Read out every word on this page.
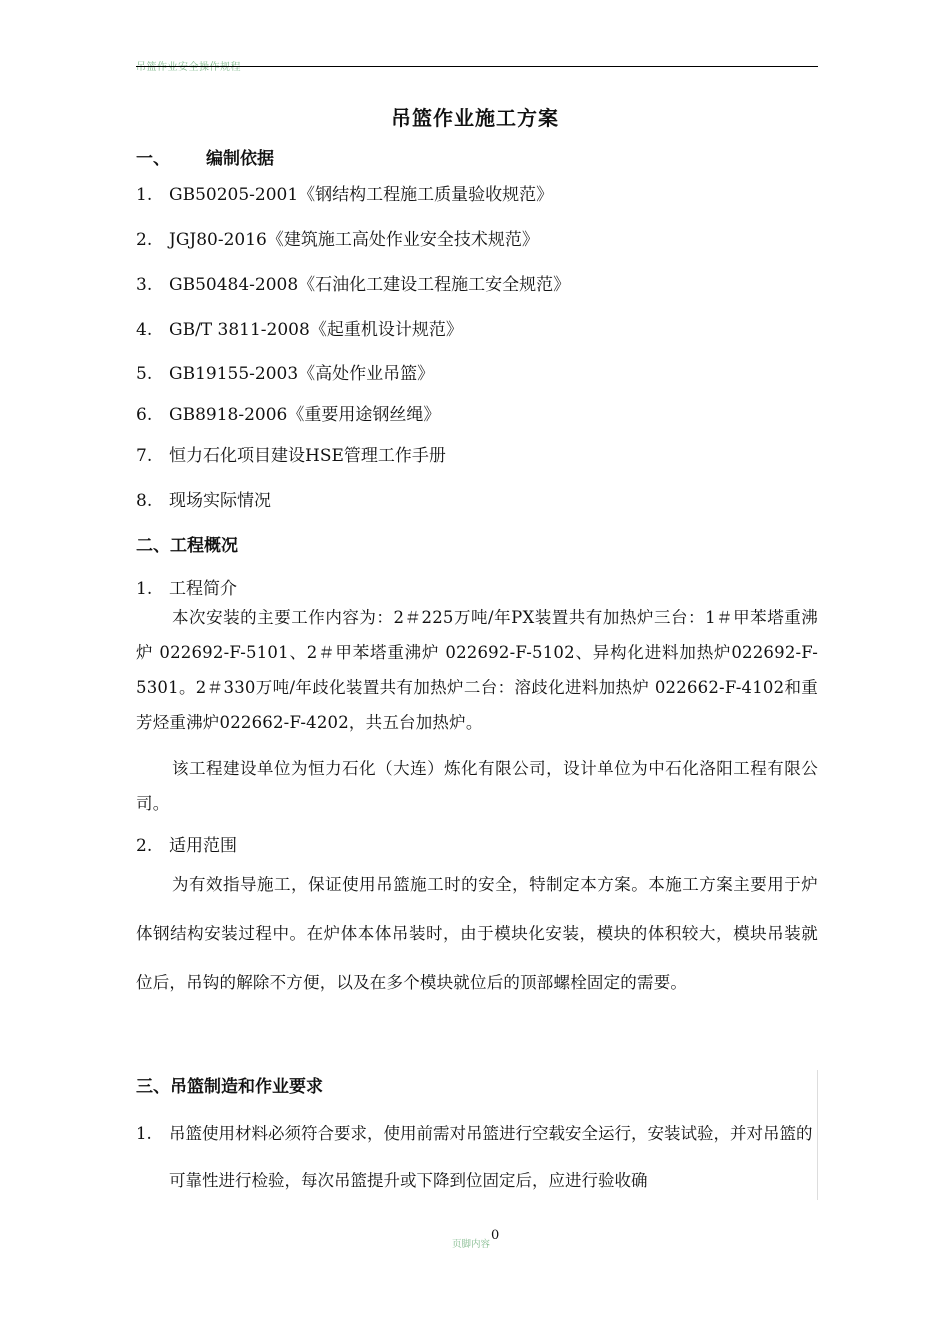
吊篮作业安全操作规程
吊篮作业施工方案
一、 编制依据
1. GB50205-2001《钢结构工程施工质量验收规范》
2. JGJ80-2016《建筑施工高处作业安全技术规范》
3. GB50484-2008《石油化工建设工程施工安全规范》
4. GB/T 3811-2008《起重机设计规范》
5. GB19155-2003《高处作业吊篮》
6. GB8918-2006《重要用途钢丝绳》
7. 恒力石化项目建设HSE管理工作手册
8. 现场实际情况
二、工程概况
1. 工程简介
本次安装的主要工作内容为：2＃225万吨/年PX装置共有加热炉三台：1＃甲苯塔重沸炉 022692-F-5101、2＃甲苯塔重沸炉 022692-F-5102、异构化进料加热炉022692-F-5301。2＃330万吨/年歧化装置共有加热炉二台：溶歧化进料加热炉 022662-F-4102和重芳烃重沸炉022662-F-4202，共五台加热炉。
该工程建设单位为恒力石化（大连）炼化有限公司，设计单位为中石化洛阳工程有限公司。
2. 适用范围
为有效指导施工，保证使用吊篮施工时的安全，特制定本方案。本施工方案主要用于炉体钢结构安装过程中。在炉体本体吊装时，由于模块化安装，模块的体积较大，模块吊装就位后，吊钩的解除不方便，以及在多个模块就位后的顶部螺栓固定的需要。
三、吊篮制造和作业要求
1.	吊篮使用材料必须符合要求，使用前需对吊篮进行空载安全运行，安装试验，并对吊篮的可靠性进行检验，每次吊篮提升或下降到位固定后，应进行验收确
页脚内容0
